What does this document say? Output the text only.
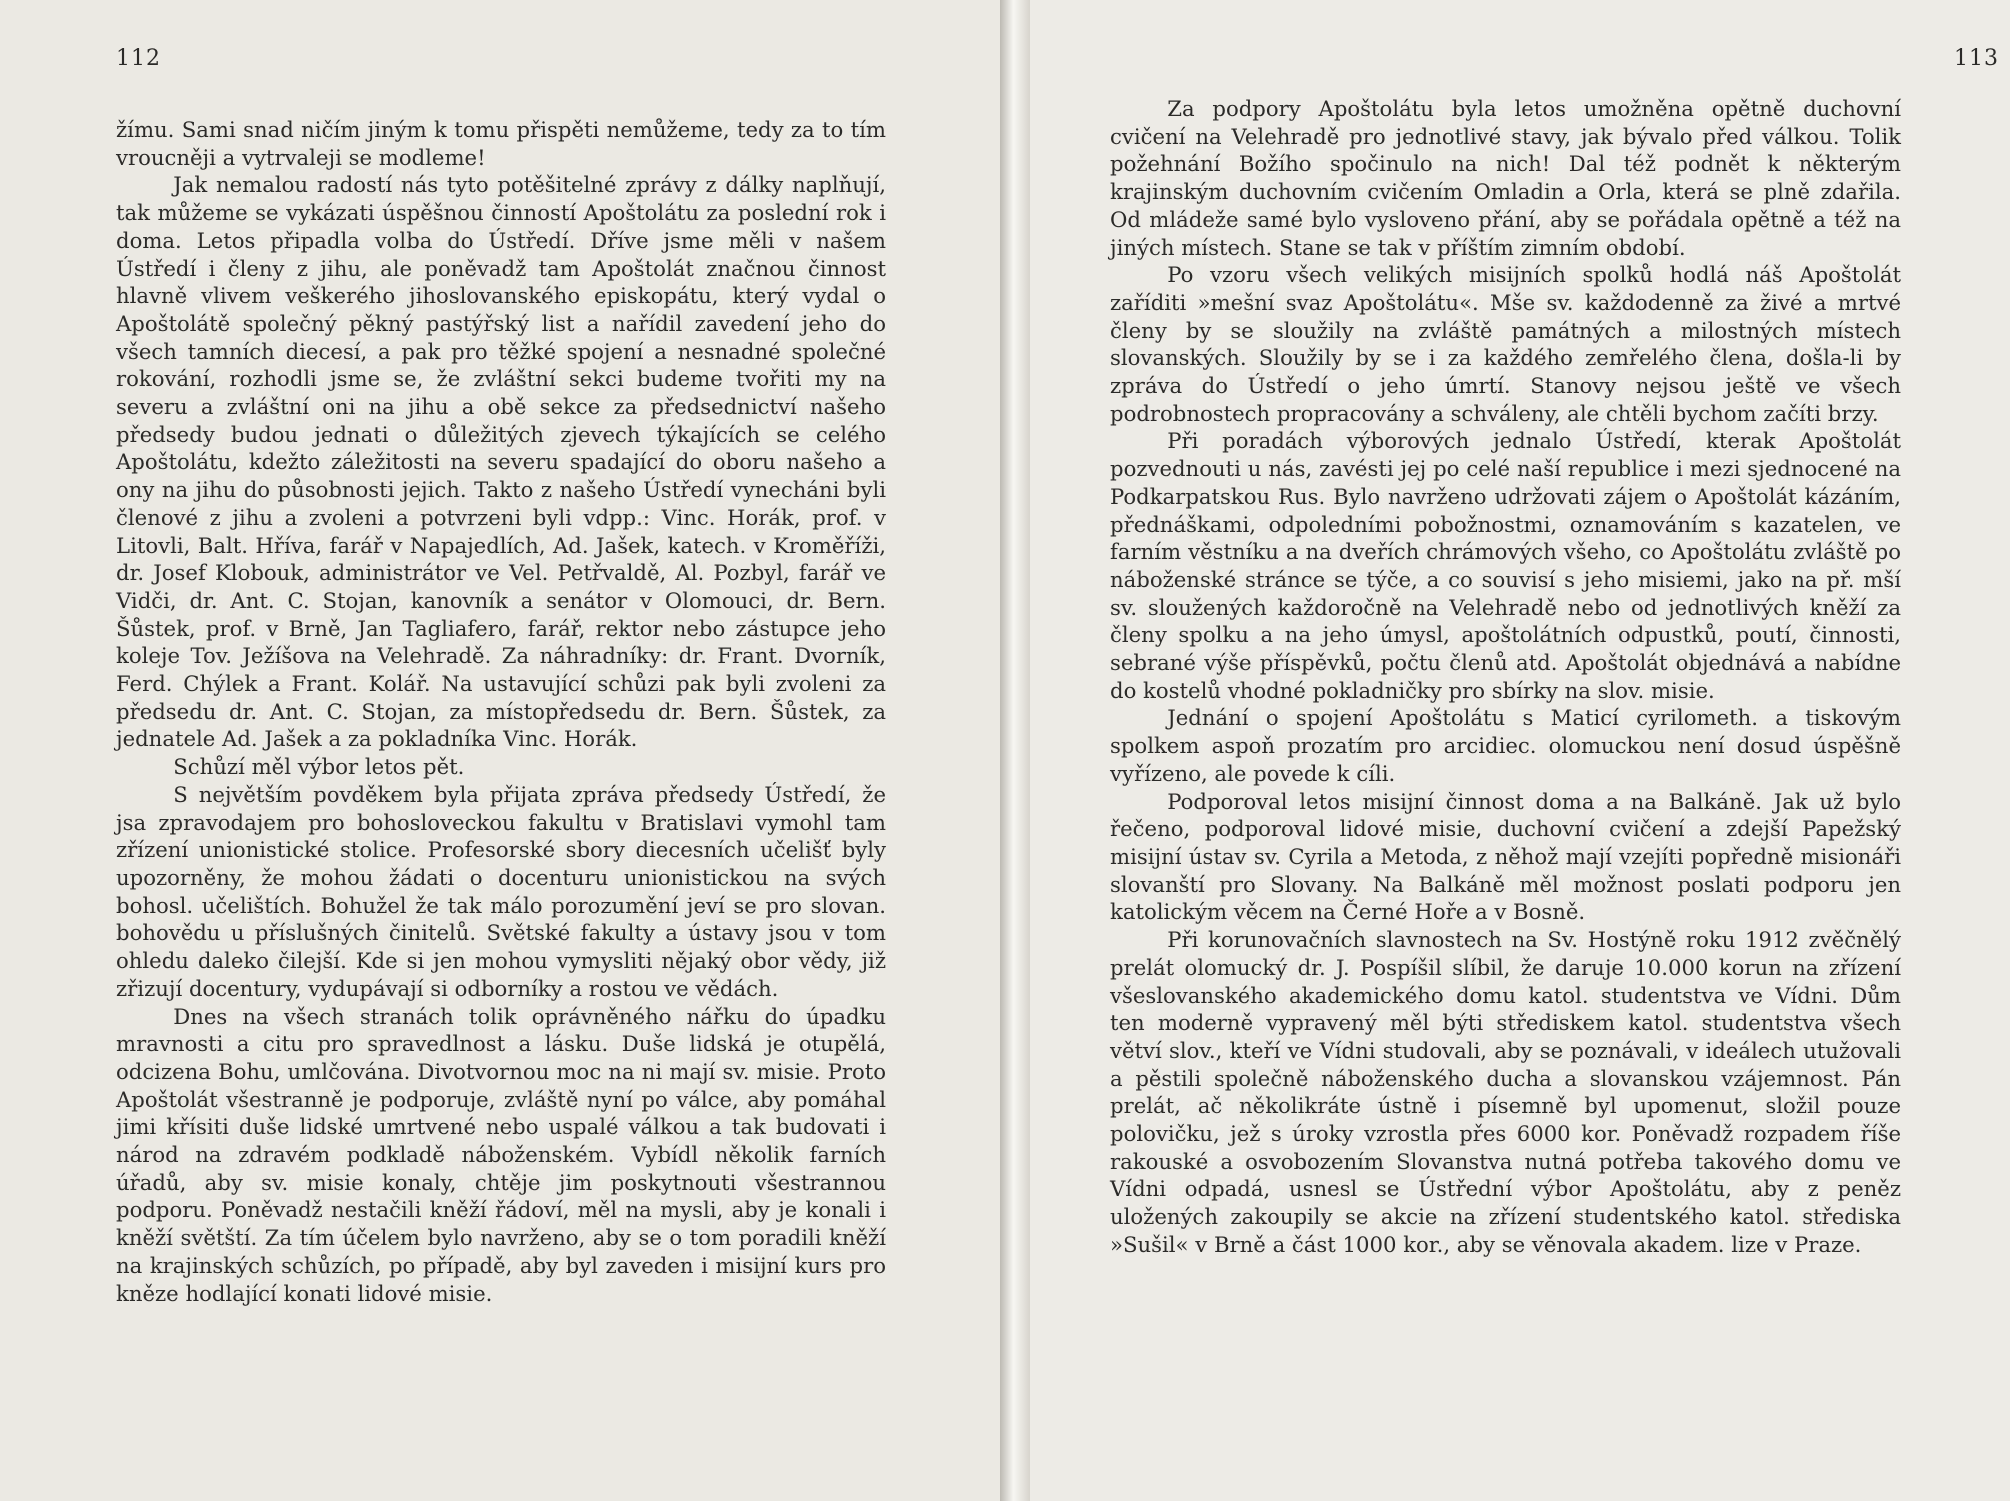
112

žímu. Sami snad ničím jiným k tomu přispěti nemůžeme, tedy za to tím vroucněji a vytrvaleji se modleme!

Jak nemalou radostí nás tyto potěšitelné zprávy z dálky naplňují, tak můžeme se vykázati úspěšnou činností Apoštolátu za poslední rok i doma. Letos připadla volba do Ústředí. Dříve jsme měli v našem Ústředí i členy z jihu, ale poněvadž tam Apoštolát značnou činnost hlavně vlivem veškerého jihoslovanského episkopátu, který vydal o Apoštolátě společný pěkný pastýřský list a nařídil zavedení jeho do všech tamních diecesí, a pak pro těžké spojení a nesnadné společné rokování, rozhodli jsme se, že zvláštní sekci budeme tvořiti my na severu a zvláštní oni na jihu a obě sekce za předsednictví našeho předsedy budou jednati o důležitých zjevech týkajících se celého Apoštolátu, kdežto záležitosti na severu spadající do oboru našeho a ony na jihu do působnosti jejich. Takto z našeho Ústředí vynecháni byli členové z jihu a zvoleni a potvrzeni byli vdpp.: Vinc. Horák, prof. v Litovli, Balt. Hříva, farář v Napajedlích, Ad. Jašek, katech. v Kroměříži, dr. Josef Klobouk, administrátor ve Vel. Petřvaldě, Al. Pozbyl, farář ve Vidči, dr. Ant. C. Stojan, kanovník a senátor v Olomouci, dr. Bern. Šůstek, prof. v Brně, Jan Tagliafero, farář, rektor nebo zástupce jeho koleje Tov. Ježíšova na Velehradě. Za náhradníky: dr. Frant. Dvorník, Ferd. Chýlek a Frant. Kolář. Na ustavující schůzi pak byli zvoleni za předsedu dr. Ant. C. Stojan, za místopředsedu dr. Bern. Šůstek, za jednatele Ad. Jašek a za pokladníka Vinc. Horák.

Schůzí měl výbor letos pět.

S největším povděkem byla přijata zpráva předsedy Ústředí, že jsa zpravodajem pro bohosloveckou fakultu v Bratislavi vymohl tam zřízení unionistické stolice. Profesorské sbory diecesních učelišť byly upozorněny, že mohou žádati o docenturu unionistickou na svých bohosl. učelištích. Bohužel že tak málo porozumění jeví se pro slovan. bohovědu u příslušných činitelů. Světské fakulty a ústavy jsou v tom ohledu daleko čilejší. Kde si jen mohou vymysliti nějaký obor vědy, již zřizují docentury, vydupávají si odborníky a rostou ve vědách.

Dnes na všech stranách tolik oprávněného nářku do úpadku mravnosti a citu pro spravedlnost a lásku. Duše lidská je otupělá, odcizena Bohu, umlčována. Divotvornou moc na ni mají sv. misie. Proto Apoštolát všestranně je podporuje, zvláště nyní po válce, aby pomáhal jimi křísiti duše lidské umrtvené nebo uspalé válkou a tak budovati i národ na zdravém podkladě náboženském. Vybídl několik farních úřadů, aby sv. misie konaly, chtěje jim poskytnouti všestrannou podporu. Poněvadž nestačili kněží řádoví, měl na mysli, aby je konali i kněží světští. Za tím účelem bylo navrženo, aby se o tom poradili kněží na krajinských schůzích, po případě, aby byl zaveden i misijní kurs pro kněze hodlající konati lidové misie.

113

Za podpory Apoštolátu byla letos umožněna opětně duchovní cvičení na Velehradě pro jednotlivé stavy, jak bývalo před válkou. Tolik požehnání Božího spočinulo na nich! Dal též podnět k některým krajinským duchovním cvičením Omladin a Orla, která se plně zdařila. Od mládeže samé bylo vysloveno přání, aby se pořádala opětně a též na jiných místech. Stane se tak v příštím zimním období.

Po vzoru všech velikých misijních spolků hodlá náš Apoštolát zaříditi »mešní svaz Apoštolátu«. Mše sv. každodenně za živé a mrtvé členy by se sloužily na zvláště památných a milostných místech slovanských. Sloužily by se i za každého zemřelého člena, došla-li by zpráva do Ústředí o jeho úmrtí. Stanovy nejsou ještě ve všech podrobnostech propracovány a schváleny, ale chtěli bychom začíti brzy.

Při poradách výborových jednalo Ústředí, kterak Apoštolát pozvednouti u nás, zavésti jej po celé naší republice i mezi sjednocené na Podkarpatskou Rus. Bylo navrženo udržovati zájem o Apoštolát kázáním, přednáškami, odpoledními pobožnostmi, oznamováním s kazatelen, ve farním věstníku a na dveřích chrámových všeho, co Apoštolátu zvláště po náboženské stránce se týče, a co souvisí s jeho misiemi, jako na př. mší sv. sloužených každoročně na Velehradě nebo od jednotlivých kněží za členy spolku a na jeho úmysl, apoštolátních odpustků, poutí, činnosti, sebrané výše příspěvků, počtu členů atd. Apoštolát objednává a nabídne do kostelů vhodné pokladničky pro sbírky na slov. misie.

Jednání o spojení Apoštolátu s Maticí cyrilometh. a tiskovým spolkem aspoň prozatím pro arcidiec. olomuckou není dosud úspěšně vyřízeno, ale povede k cíli.

Podporoval letos misijní činnost doma a na Balkáně. Jak už bylo řečeno, podporoval lidové misie, duchovní cvičení a zdejší Papežský misijní ústav sv. Cyrila a Metoda, z něhož mají vzejíti popředně misionáři slovanští pro Slovany. Na Balkáně měl možnost poslati podporu jen katolickým věcem na Černé Hoře a v Bosně.

Při korunovačních slavnostech na Sv. Hostýně roku 1912 zvěčnělý prelát olomucký dr. J. Pospíšil slíbil, že daruje 10.000 korun na zřízení všeslovanského akademického domu katol. studentstva ve Vídni. Dům ten moderně vypravený měl býti střediskem katol. studentstva všech větví slov., kteří ve Vídni studovali, aby se poznávali, v ideálech utužovali a pěstili společně náboženského ducha a slovanskou vzájemnost. Pán prelát, ač několikráte ústně i písemně byl upomenut, složil pouze polovičku, jež s úroky vzrostla přes 6000 kor. Poněvadž rozpadem říše rakouské a osvobozením Slovanstva nutná potřeba takového domu ve Vídni odpadá, usnesl se Ústřední výbor Apoštolátu, aby z peněz uložených zakoupily se akcie na zřízení studentského katol. střediska »Sušil« v Brně a část 1000 kor., aby se věnovala akadem. lize v Praze.
